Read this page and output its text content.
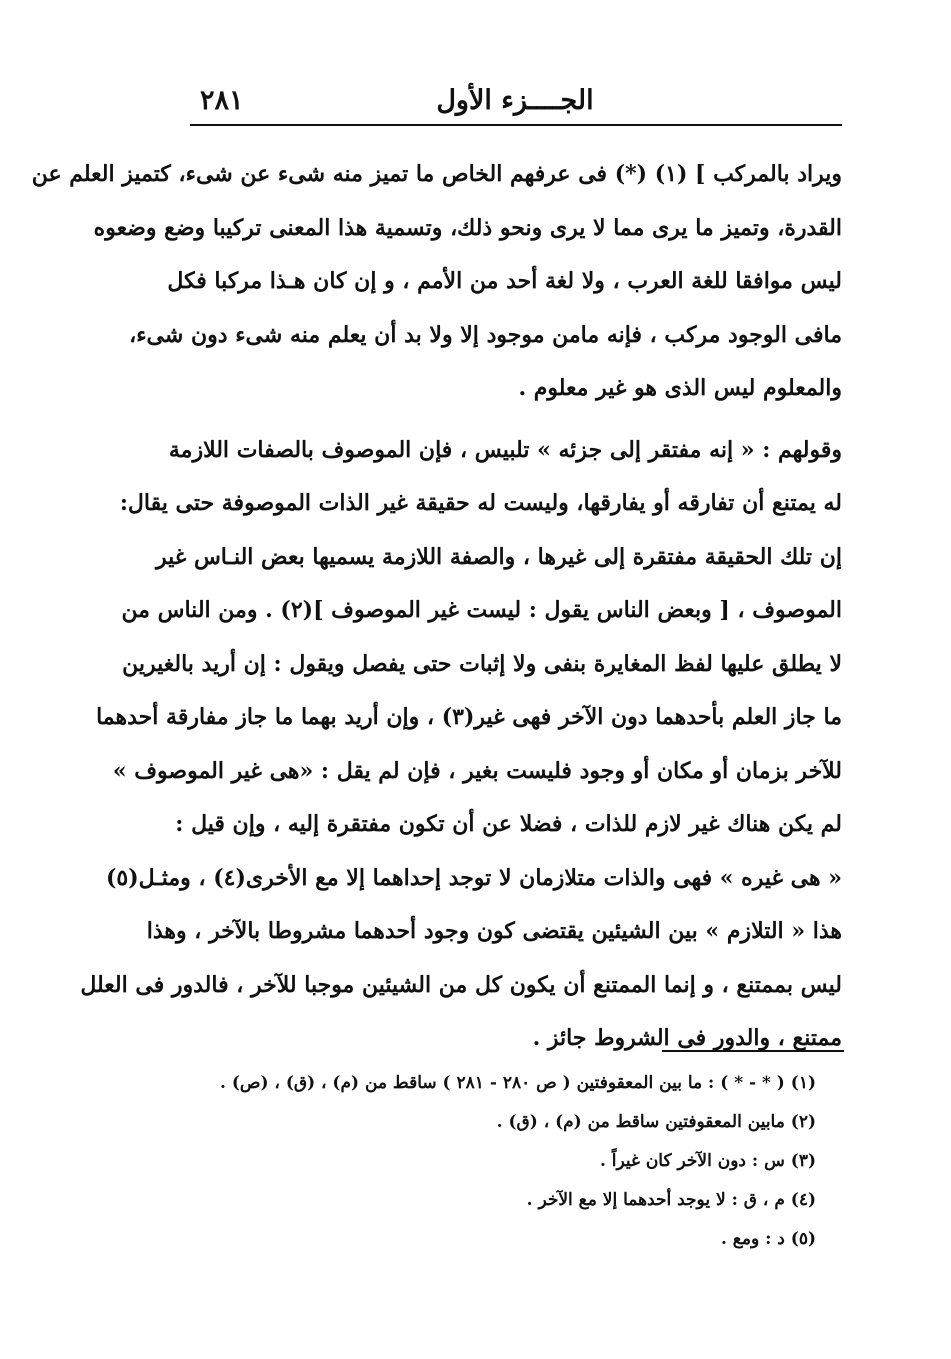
الجــــزء الأول
٢٨١
ويراد بالمركب ] (١) (*) فى عرفهم الخاص ما تميز منه شىء عن شىء، كتميز العلم عن
القدرة، وتميز ما يرى مما لا يرى ونحو ذلك، وتسمية هذا المعنى تركيبا وضع وضعوه
ليس موافقا للغة العرب ، ولا لغة أحد من الأمم ، و إن كان هـذا مركبا فكل
مافى الوجود مركب ، فإنه مامن موجود إلا ولا بد أن يعلم منه شىء دون شىء،
والمعلوم ليس الذى هو غير معلوم .
وقولهم : « إنه مفتقر إلى جزئه » تلبيس ، فإن الموصوف بالصفات اللازمة
له يمتنع أن تفارقه أو يفارقها، وليست له حقيقة غير الذات الموصوفة حتى يقال:
إن تلك الحقيقة مفتقرة إلى غيرها ، والصفة اللازمة يسميها بعض النـاس غير
الموصوف ، [ وبعض الناس يقول : ليست غير الموصوف ](٢) . ومن الناس من
لا يطلق عليها لفظ المغايرة بنفى ولا إثبات حتى يفصل ويقول : إن أريد بالغيرين
ما جاز العلم بأحدهما دون الآخر فهى غير(٣) ، وإن أريد بهما ما جاز مفارقة أحدهما
للآخر بزمان أو مكان أو وجود فليست بغير ، فإن لم يقل : «هى غير الموصوف »
لم يكن هناك غير لازم للذات ، فضلا عن أن تكون مفتقرة إليه ، وإن قيل :
« هى غيره » فهى والذات متلازمان لا توجد إحداهما إلا مع الأخرى(٤) ، ومثـل(٥)
هذا « التلازم » بين الشيئين يقتضى كون وجود أحدهما مشروطا بالآخر ، وهذا
ليس بممتنع ، و إنما الممتنع أن يكون كل من الشيئين موجبا للآخر ، فالدور فى العلل
ممتنع ، والدور فى الشروط جائز .
(١) ( * - * ) : ما بين المعقوفتين ( ص ٢٨٠ - ٢٨١ ) ساقط من (م) ، (ق) ، (ص) .
(٢) مابين المعقوفتين ساقط من (م) ، (ق) .
(٣) س : دون الآخر كان غيراً .
(٤) م ، ق : لا يوجد أحدهما إلا مع الآخر .
(٥) د : ومع .
